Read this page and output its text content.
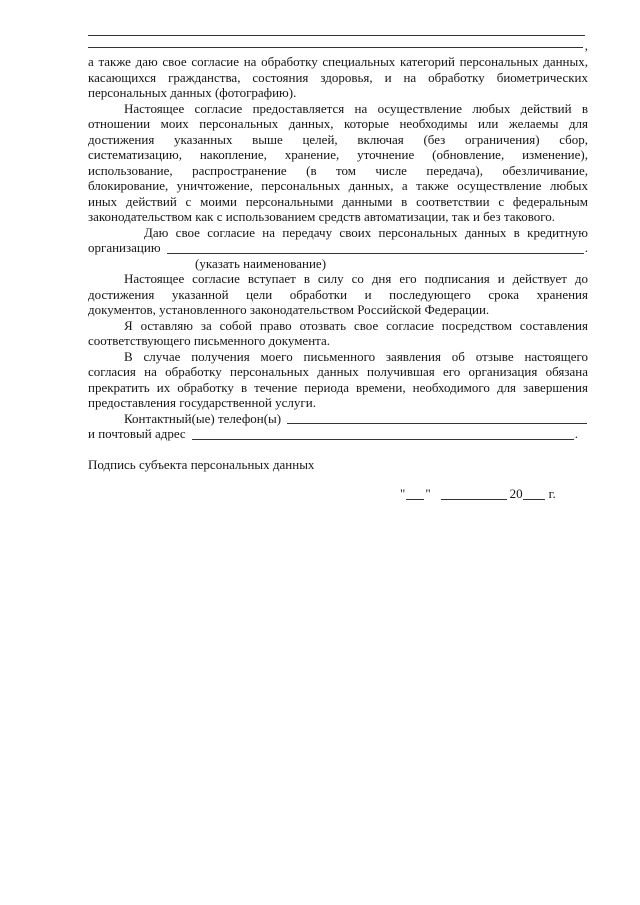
,
а также даю свое согласие на обработку специальных категорий персональных данных,
касающихся гражданства, состояния здоровья, и на обработку биометрических
персональных данных (фотографию).
Настоящее согласие предоставляется на осуществление любых действий в
отношении моих персональных данных, которые необходимы или желаемы для
достижения указанных выше целей, включая (без ограничения) сбор,
систематизацию, накопление, хранение, уточнение (обновление, изменение),
использование, распространение (в том числе передача), обезличивание,
блокирование, уничтожение, персональных данных, а также осуществление любых
иных действий с моими персональными данными в соответствии с федеральным
законодательством как с использованием средств автоматизации, так и без такового.
Даю свое согласие на передачу своих персональных данных в кредитную
организацию	.
(указать наименование)
Настоящее согласие вступает в силу со дня его подписания и действует до
достижения указанной цели обработки и последующего срока хранения
документов, установленного законодательством Российской Федерации.
Я оставляю за собой право отозвать свое согласие посредством составления
соответствующего письменного документа.
В случае получения моего письменного заявления об отзыве настоящего
согласия на обработку персональных данных получившая его организация обязана
прекратить их обработку в течение периода времени, необходимого для завершения
предоставления государственной услуги.
Контактный(ые) телефон(ы)
и почтовый адрес	.
Подпись субъекта персональных данных
" "	20 г.
